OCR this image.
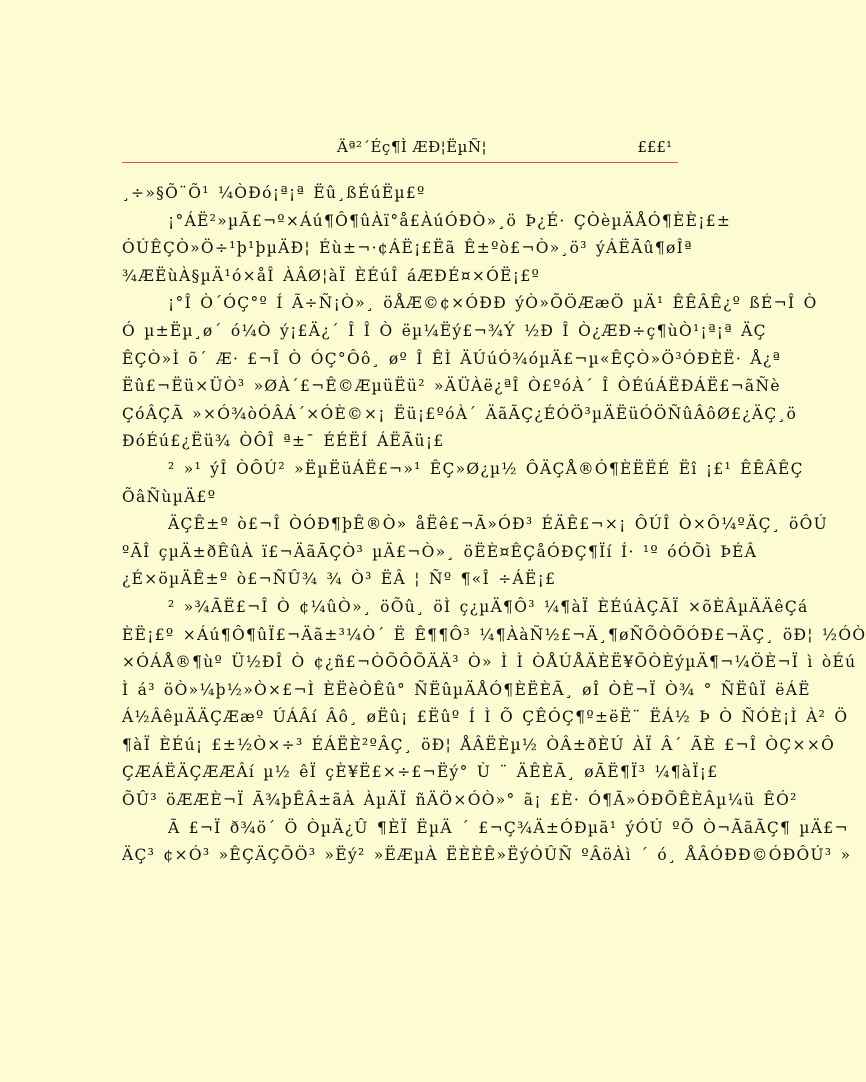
Äª²´Éç¶Ì ÆÐ¦ËµÑ¦	£££¹
¸÷»§Õ¨Õ¹ ¼ÒÐó¡ª¡ª Ëû¸ßÉúËµ£º
¡°ÁË²»µÃ£¬º×Áú¶Ô¶ûÀï°å£ÀúÓÐÒ»¸ö Þ¿É· ÇÒèµÄÅÓ¶ÈÈ¡£±
ÓÚÊÇÒ»Ö÷¹þ¹þµÄÐ¦ Éù±¬·¢ÁË¡£Ëã Ê±ºò£¬Ò»¸ö³ ýÁËÃû¶øÎª
¾ÆËùÀ§µÄ¹ó×åÎ ÀÂØ¦àÏ ÈÉúÎ áÆÐÉ¤×ÓË¡£º
¡°Î Ò´ÓÇ°º Í Ã÷Ñ¡Ò»¸ öÅÆ©¢×ÓÐÐ ýÒ»ÕÖÆæÖ µÄ¹ ÊÊÂÊ¿º ßÉ¬Î Ò
Ó µ±Ëµ¸ø´ ó¼Ò ý¡£Ä¿´ Î Î Ò ëµ¼Ëý£¬¾Ý ½Ð Î Ò¿ÆÐ÷ç¶ùÒ¹¡ª¡ª ÄÇ
ÊÇÒ»Ì õ´ Æ· £¬Î Ò ÓÇ°Ôô¸ øº Î ÊÌ ÄÚúÓ¾óµÄ£¬µ«ÊÇÒ»Ö³ÓÐÈË· Å¿ª
Ëû£¬Ëü×ÜÒ³ »ØÀ´£¬Ê©ÆµüËü² »ÄÜÀë¿ªÎ Ò£ºóÀ´ Î ÒÉúÁËÐÁË£¬ãÑè
ÇóÂÇÃ »×Ó¾òÓÂÁ´×ÓÈ©×¡ Ëü¡£ºóÀ´ ÄãÃÇ¿ÉÓÖ³µÄËüÓÖÑûÂôØ£¿ÄÇ¸ö
ÐóÉú£¿Ëü¾ ÒÔÎ ª±¯ ÉÉËÍ ÁËÃü¡£
² »¹ ýÎ ÒÔÚ² »ËµËüÁË£¬»¹ ÊÇ»Ø¿µ½ ÔÄÇÅ®Ó¶ÈËËÉ Ëî ¡£¹ ÊÊÂÊÇ
ÕâÑùµÄ£º
ÄÇÊ±º ò£¬Î ÒÓÐ¶þÊ®Ò» åËê£¬Ã»ÓÐ³ ÉÄÊ£¬×¡ ÔÚÎ Ò×Ô¼ºÄÇ¸ öÔÚ
ºÃÎ çµÄ±ðÊûÀ ï£¬ÄãÃÇÒ³ µÄ£¬Ò»¸ öËÈ¤ÊÇåÓÐÇ¶Ïí Í· ¹º óÓÕì ÞÉÂ
¿É×öµÄÊ±º ò£¬ÑÛ¾ ¾ Ò³ ËÂ ¦ Ñº ¶«Î ÷ÁË¡£
² »¾ÃË£¬Î Ò ¢¼ûÒ»¸ öÕû¸ öÌ ç¿µÄ¶Ô³ ¼¶àÏ ÈÉúÀÇÃÏ ×õÈÂµÄÄêÇá
ÈË¡£º ×Áú¶Ô¶ûÏ£¬Äã±³¼Ò´ Ë Ê¶¶Ô³ ¼¶ÀàÑ½£¬Ä¸¶øÑÕÒÕÓÐ£¬ÄÇ¸ öÐ¦ ½ÓÒ
×ÓÁÅ®¶ùº Ü½ÐÎ Ò ¢¿ñ£¬ÒÕÔÕÄÄ³ Ò» Ì Ì ÒÅÚÅÄÈË¥ÕÒÈýµÄ¶¬¼ÖÈ¬Ï ì òÉú
Ì á³ öÒ»¼þ½»Ò×£¬Ì ÈËèÒÊû° ÑËûµÄÅÓ¶ÈËÈÃ¸ øÎ ÒÈ¬Ï Ò¾ ° ÑËûÏ ëÁË
Á½ÂêµÄÄÇÆæº ÚÁÂí Âô¸ øËû¡ £Ëûº Í Ì Õ ÇÊÓÇ¶º±ëË¨ ËÁ½ Þ Ò ÑÓÈ¡Ì À² Ö
¶àÏ ÈÉú¡ £±½Ò×÷³ ÉÁËÈ²ºÂÇ¸ öÐ¦ ÅÂËÈµ½ ÒÂ±ðÈÚ ÀÏ Â´ ÃÈ £¬Î ÒÇ××Ô
ÇÆÁËÄÇÆÆÂí µ½ êÏ çÈ¥Ë£×÷£¬Ëý° Ù ¨ ÄÊÈÃ¸ øÃË¶Ï³ ¼¶àÏ¡£
ÕÛ³ öÆÆÈ¬Ï Ã¾þÊÂ±ãÀ ÀµÄÏ ñÄÖ×ÓÒ»° ã¡ £È· Ó¶Ã»ÓÐÕÊÈÂµ¼ü ÊÓ²
Ã £¬Ï ð¾ö´ Ö ÒµÄ¿Û ¶ÈÏ ËµÄ ´ £¬Ç¾Ä±ÓÐµã¹ ýÓÚ ºÕ Ò¬ÃãÃÇ¶ µÄ£¬
ÄÇ³ ¢×Ó³ »ÊÇÄÇÕÖ³ »Ëý² »ËÆµÀ ËÈÈÊ»ËýÓÛÑ ºÂöÀì ´ ó¸ ÅÂÓÐÐ©ÓÐÔÚ³ »
